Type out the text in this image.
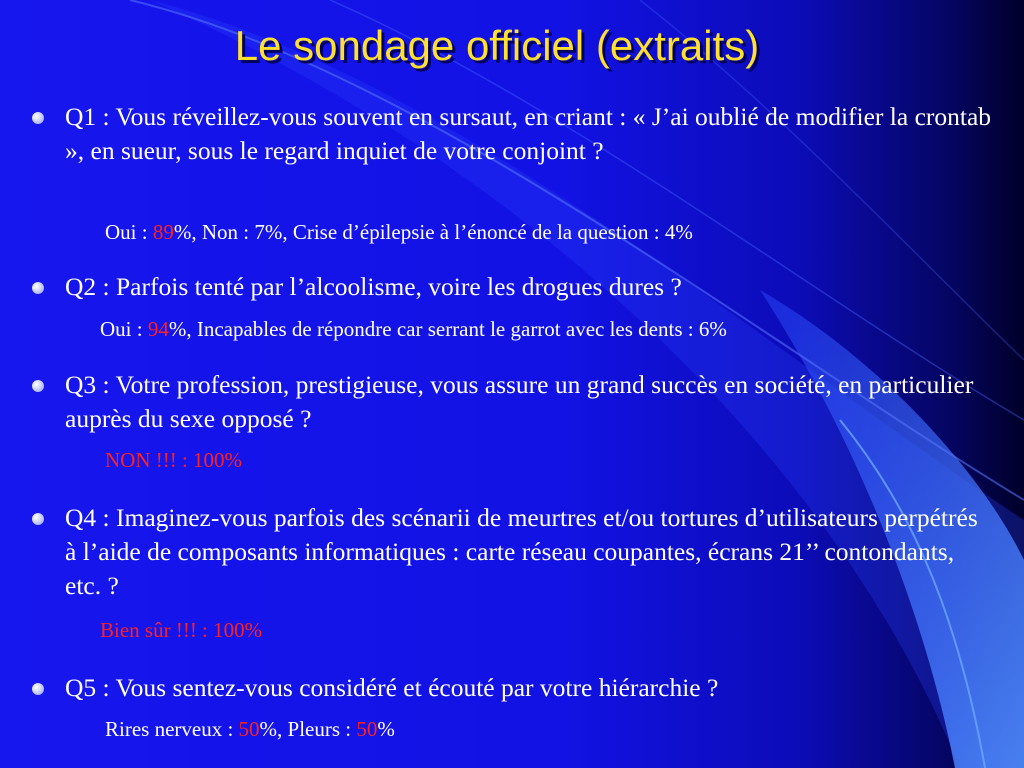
Le sondage officiel (extraits)
Q1 : Vous réveillez-vous souvent en sursaut, en criant : « J’ai oublié de modifier la crontab », en sueur, sous le regard inquiet de votre conjoint ?
Oui : 89%, Non : 7%, Crise d’épilepsie à l’énoncé de la question : 4%
Q2 : Parfois tenté par l’alcoolisme, voire les drogues dures ?
Oui : 94%, Incapables de répondre car serrant le garrot avec les dents : 6%
Q3 : Votre profession, prestigieuse, vous assure un grand succès en société, en particulier auprès du sexe opposé ?
NON !!! : 100%
Q4 : Imaginez-vous parfois des scénarii de meurtres et/ou tortures d’utilisateurs perpétrés à l’aide de composants informatiques : carte réseau coupantes, écrans 21’’ contondants, etc. ?
Bien sûr !!! : 100%
Q5 : Vous sentez-vous considéré et écouté par votre hiérarchie ?
Rires nerveux : 50%, Pleurs : 50%
